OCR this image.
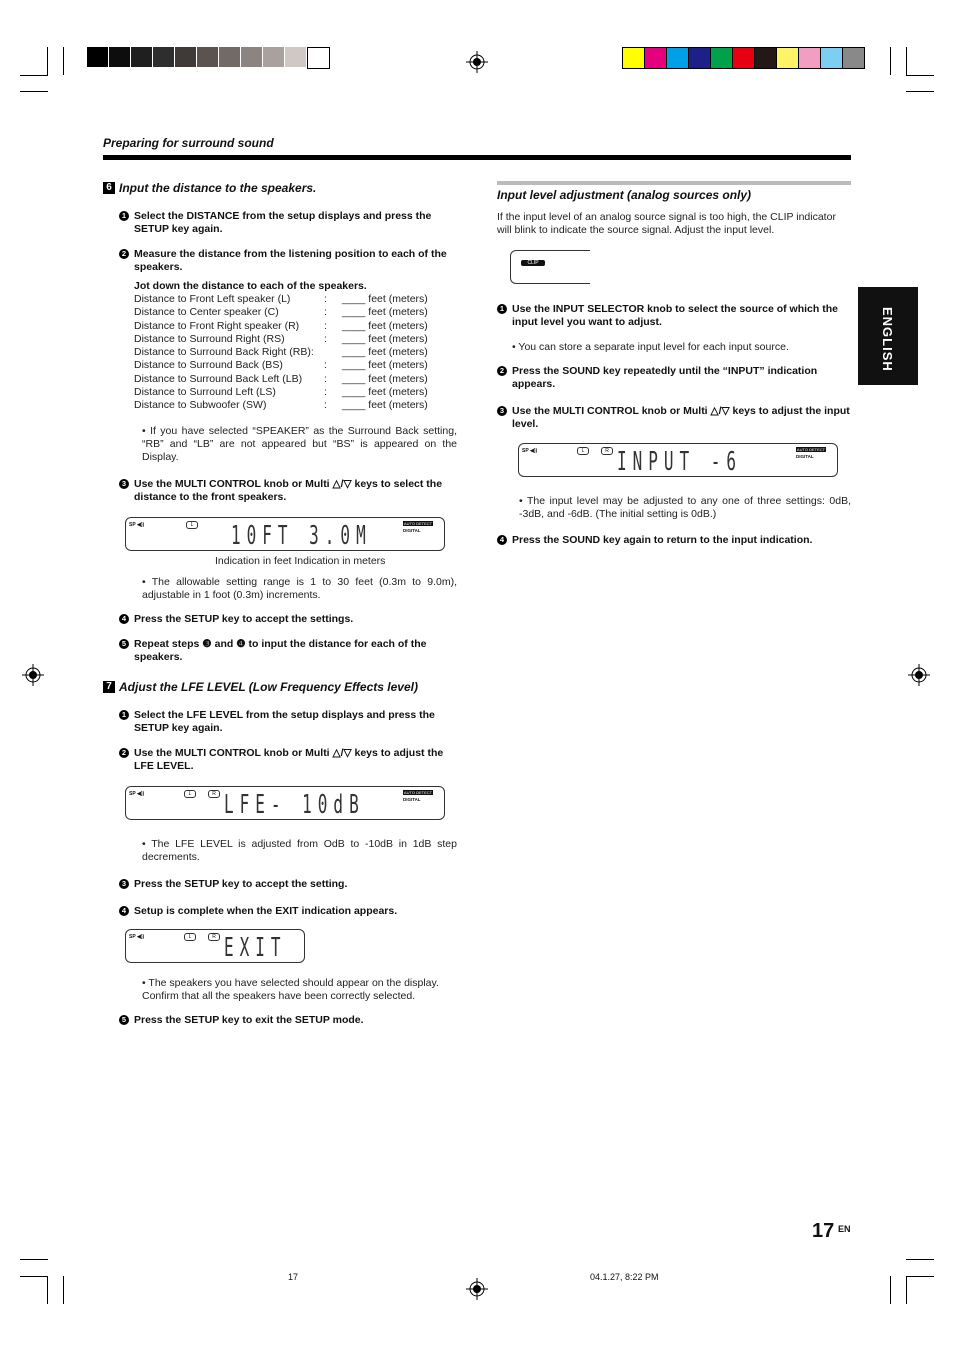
Preparing for surround sound
6 Input the distance to the speakers.
1 Select the DISTANCE from the setup displays and press the SETUP key again.
2 Measure the distance from the listening position to each of the speakers.
Jot down the distance to each of the speakers.
Distance to Front Left speaker (L)	:	____ feet (meters)
Distance to Center speaker (C)	:	____ feet (meters)
Distance to Front Right speaker (R)	:	____ feet (meters)
Distance to Surround Right (RS)	:	____ feet (meters)
Distance to Surround Back Right (RB):	____ feet (meters)
Distance to Surround Back (BS)	:	____ feet (meters)
Distance to Surround Back Left (LB)	:	____ feet (meters)
Distance to Surround Left (LS)	:	____ feet (meters)
Distance to Subwoofer (SW)	:	____ feet (meters)
• If you have selected “SPEAKER” as the Surround Back setting, “RB” and “LB” are not appeared but “BS” is appeared on the Display.
3 Use the MULTI CONTROL knob or Multi △/▽ keys to select the distance to the front speakers.
SP ◀))	L	AUTO DETECT
DIGITAL
10FT 3.0M
Indication in feet Indication in meters
• The allowable setting range is 1 to 30 feet (0.3m to 9.0m), adjustable in 1 foot (0.3m) increments.
4 Press the SETUP key to accept the settings.
5 Repeat steps ❸ and ❹ to input the distance for each of the speakers.
7 Adjust the LFE LEVEL (Low Frequency Effects level)
1 Select the LFE LEVEL from the setup displays and press the SETUP key again.
2 Use the MULTI CONTROL knob or Multi △/▽ keys to adjust the LFE LEVEL.
SP ◀))	L	R	AUTO DETECT
DIGITAL
LFE- 10dB
• The LFE LEVEL is adjusted from OdB to -10dB in 1dB step decrements.
3 Press the SETUP key to accept the setting.
4 Setup is complete when the EXIT indication appears.
SP ◀))	L	R EXIT
• The speakers you have selected should appear on the display. Confirm that all the speakers have been correctly selected.
5 Press the SETUP key to exit the SETUP mode.
Input level adjustment (analog sources only)
If the input level of an analog source signal is too high, the CLIP indicator will blink to indicate the source signal. Adjust the input level.
CLIP
1 Use the INPUT SELECTOR knob to select the source of which the input level you want to adjust.
• You can store a separate input level for each input source.
2 Press the SOUND key repeatedly until the “INPUT” indication appears.
3 Use the MULTI CONTROL knob or Multi △/▽ keys to adjust the input level.
SP ◀))	L	R	AUTO DETECT
DIGITAL
INPUT -6
• The input level may be adjusted to any one of three settings: 0dB, -3dB, and -6dB. (The initial setting is 0dB.)
4 Press the SOUND key again to return to the input indication.
ENGLISH
17 EN
17	04.1.27, 8:22 PM
